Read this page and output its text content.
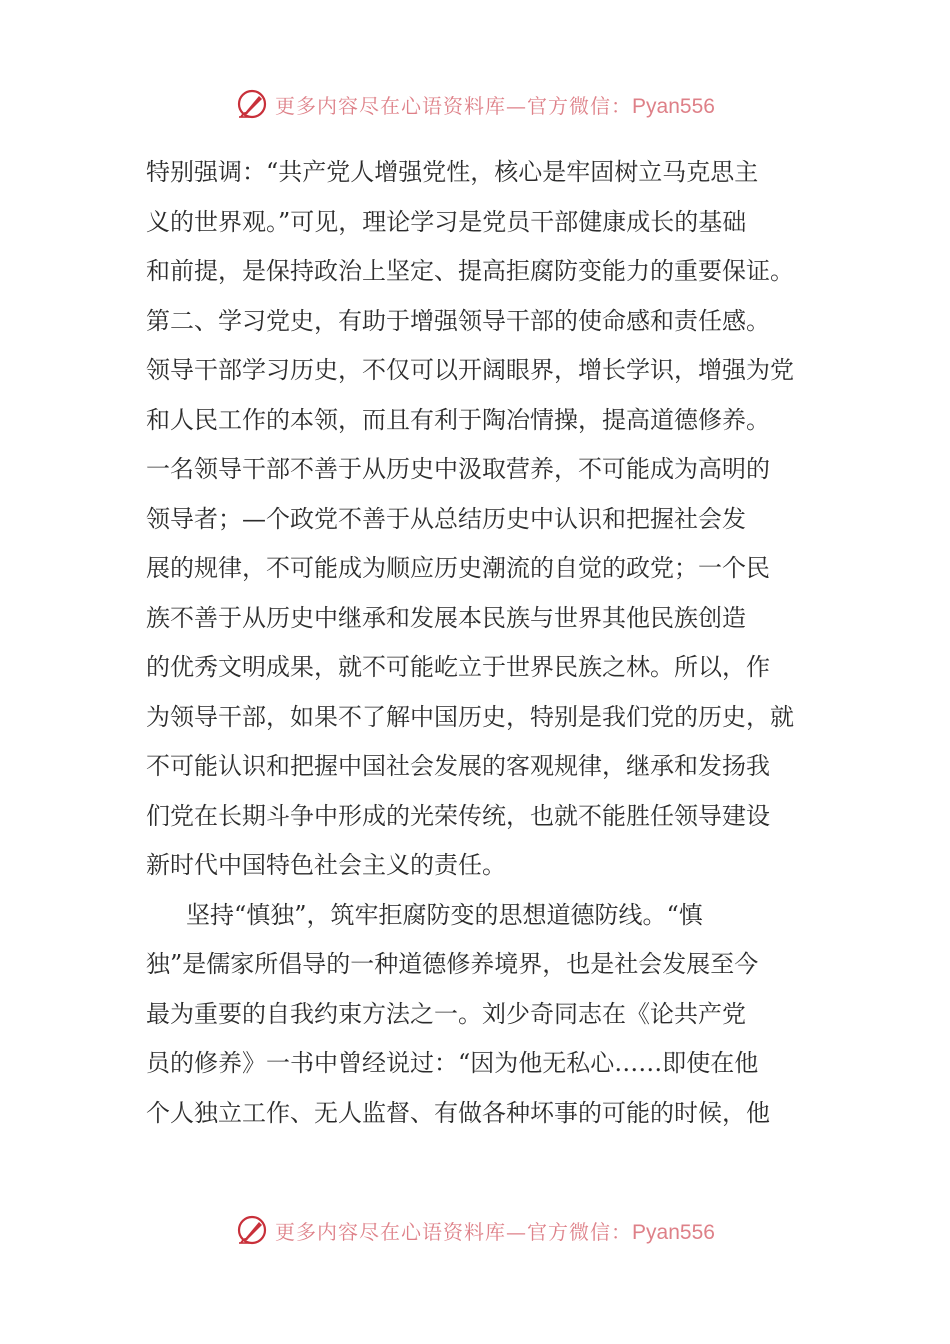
更多内容尽在心语资料库—官方微信：Pyan556
特别强调：“共产党人增强党性，核心是牢固树立马克思主
义的世界观。”可见，理论学习是党员干部健康成长的基础
和前提，是保持政治上坚定、提高拒腐防变能力的重要保证。
第二、学习党史，有助于增强领导干部的使命感和责任感。
领导干部学习历史，不仅可以开阔眼界，增长学识，增强为党
和人民工作的本领，而且有利于陶冶情操，提高道德修养。
一名领导干部不善于从历史中汲取营养，不可能成为高明的
领导者；—个政党不善于从总结历史中认识和把握社会发
展的规律，不可能成为顺应历史潮流的自觉的政党；一个民
族不善于从历史中继承和发展本民族与世界其他民族创造
的优秀文明成果，就不可能屹立于世界民族之林。所以，作
为领导干部，如果不了解中国历史，特别是我们党的历史，就
不可能认识和把握中国社会发展的客观规律，继承和发扬我
们党在长期斗争中形成的光荣传统，也就不能胜任领导建设
新时代中国特色社会主义的责任。
坚持“慎独”，筑牢拒腐防变的思想道德防线。“慎
独”是儒家所倡导的一种道德修养境界，也是社会发展至今
最为重要的自我约束方法之一。刘少奇同志在《论共产党
员的修养》一书中曾经说过：“因为他无私心……即使在他
个人独立工作、无人监督、有做各种坏事的可能的时候，他
更多内容尽在心语资料库—官方微信：Pyan556
